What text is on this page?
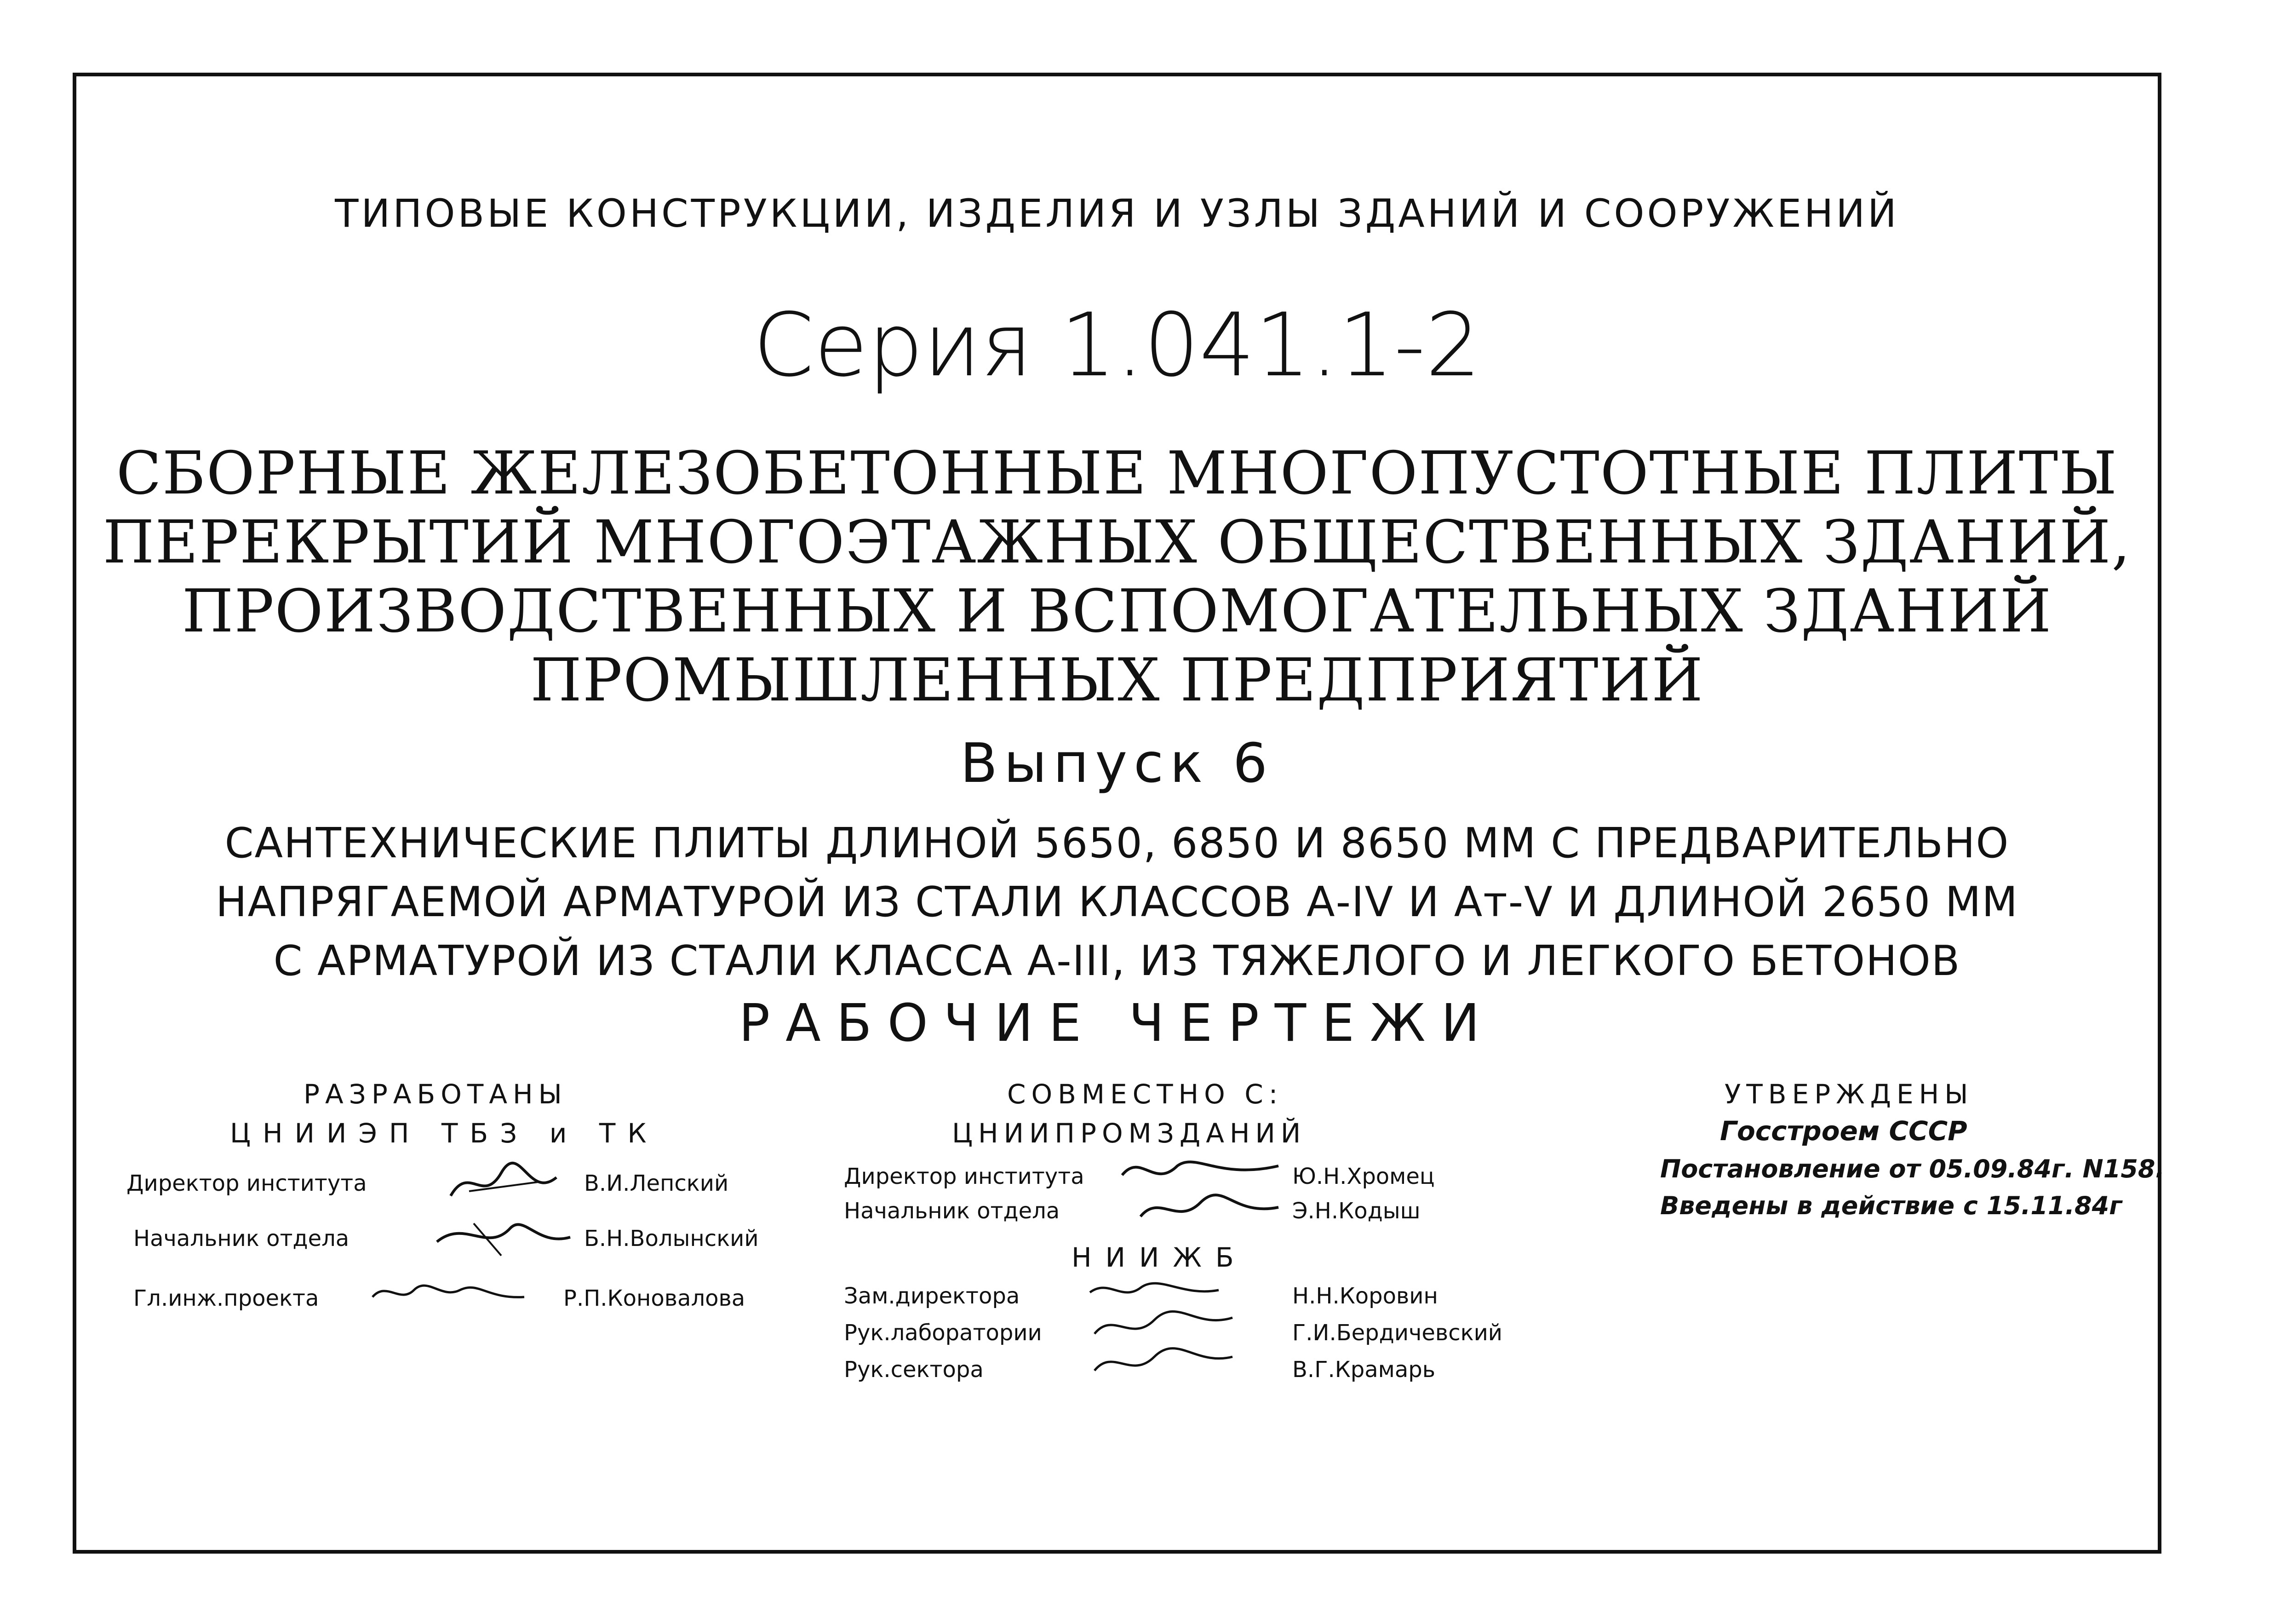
ТИПОВЫЕ КОНСТРУКЦИИ, ИЗДЕЛИЯ И УЗЛЫ ЗДАНИЙ И СООРУЖЕНИЙ
Серия 1.041.1-2
СБОРНЫЕ ЖЕЛЕЗОБЕТОННЫЕ МНОГОПУСТОТНЫЕ ПЛИТЫ
ПЕРЕКРЫТИЙ МНОГОЭТАЖНЫХ ОБЩЕСТВЕННЫХ ЗДАНИЙ,
ПРОИЗВОДСТВЕННЫХ И ВСПОМОГАТЕЛЬНЫХ ЗДАНИЙ
ПРОМЫШЛЕННЫХ ПРЕДПРИЯТИЙ
Выпуск 6
САНТЕХНИЧЕСКИЕ ПЛИТЫ ДЛИНОЙ 5650, 6850 И 8650 ММ С ПРЕДВАРИТЕЛЬНО
НАПРЯГАЕМОЙ АРМАТУРОЙ ИЗ СТАЛИ КЛАССОВ А-IV И Ат-V И ДЛИНОЙ 2650 ММ
С АРМАТУРОЙ ИЗ СТАЛИ КЛАССА А-III, ИЗ ТЯЖЕЛОГО И ЛЕГКОГО БЕТОНОВ
РАБОЧИЕ ЧЕРТЕЖИ
РАЗРАБОТАНЫ
ЦНИИЭП ТБЗ и ТК
Директор института	В.И.Лепский
Начальник отдела	Б.Н.Волынский
Гл.инж.проекта	Р.П.Коновалова
СОВМЕСТНО С:
ЦНИИПРОМЗДАНИЙ
Директор института	Ю.Н.Хромец
Начальник отдела	Э.Н.Кодыш
НИИЖБ
Зам.директора	Н.Н.Коровин
Рук.лаборатории	Г.И.Бердичевский
Рук.сектора	В.Г.Крамарь
УТВЕРЖДЕНЫ
Госстроем СССР
Постановление от 05.09.84г. N158.
Введены в действие с 15.11.84г
